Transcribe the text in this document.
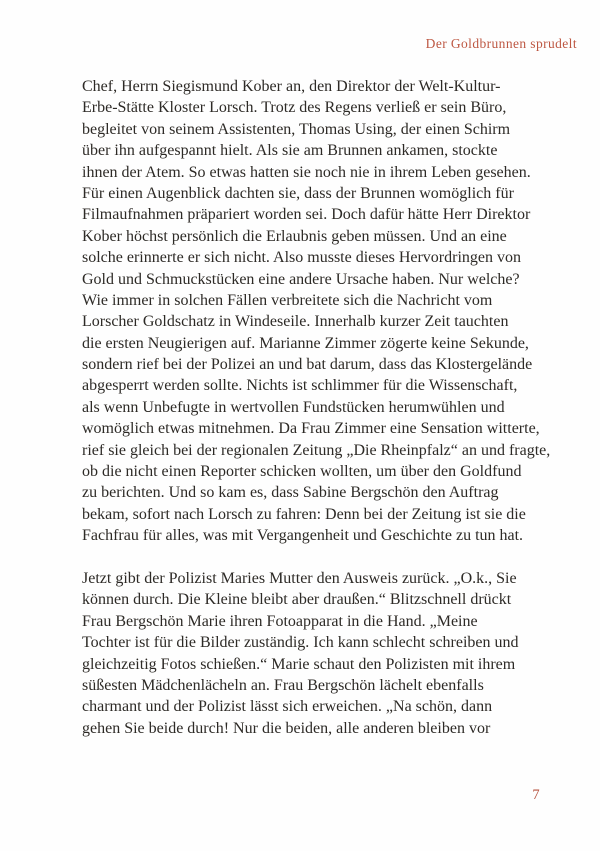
Der Goldbrunnen sprudelt
Chef, Herrn Siegismund Kober an, den Direktor der Welt-Kultur-
Erbe-Stätte Kloster Lorsch. Trotz des Regens verließ er sein Büro,
begleitet von seinem Assistenten, Thomas Using, der einen Schirm
über ihn aufgespannt hielt. Als sie am Brunnen ankamen, stockte
ihnen der Atem. So etwas hatten sie noch nie in ihrem Leben gesehen.
Für einen Augenblick dachten sie, dass der Brunnen womöglich für
Filmaufnahmen präpariert worden sei. Doch dafür hätte Herr Direktor
Kober höchst persönlich die Erlaubnis geben müssen. Und an eine
solche erinnerte er sich nicht. Also musste dieses Hervordringen von
Gold und Schmuckstücken eine andere Ursache haben. Nur welche?
Wie immer in solchen Fällen verbreitete sich die Nachricht vom
Lorscher Goldschatz in Windeseile. Innerhalb kurzer Zeit tauchten
die ersten Neugierigen auf. Marianne Zimmer zögerte keine Sekunde,
sondern rief bei der Polizei an und bat darum, dass das Klostergelände
abgesperrt werden sollte. Nichts ist schlimmer für die Wissenschaft,
als wenn Unbefugte in wertvollen Fundstücken herumwühlen und
womöglich etwas mitnehmen. Da Frau Zimmer eine Sensation witterte,
rief sie gleich bei der regionalen Zeitung „Die Rheinpfalz“ an und fragte,
ob die nicht einen Reporter schicken wollten, um über den Goldfund
zu berichten. Und so kam es, dass Sabine Bergschön den Auftrag
bekam, sofort nach Lorsch zu fahren: Denn bei der Zeitung ist sie die
Fachfrau für alles, was mit Vergangenheit und Geschichte zu tun hat.
Jetzt gibt der Polizist Maries Mutter den Ausweis zurück. „O.k., Sie
können durch. Die Kleine bleibt aber draußen.“ Blitzschnell drückt
Frau Bergschön Marie ihren Fotoapparat in die Hand. „Meine
Tochter ist für die Bilder zuständig. Ich kann schlecht schreiben und
gleichzeitig Fotos schießen.“ Marie schaut den Polizisten mit ihrem
süßesten Mädchenlächeln an. Frau Bergschön lächelt ebenfalls
charmant und der Polizist lässt sich erweichen. „Na schön, dann
gehen Sie beide durch! Nur die beiden, alle anderen bleiben vor
7
